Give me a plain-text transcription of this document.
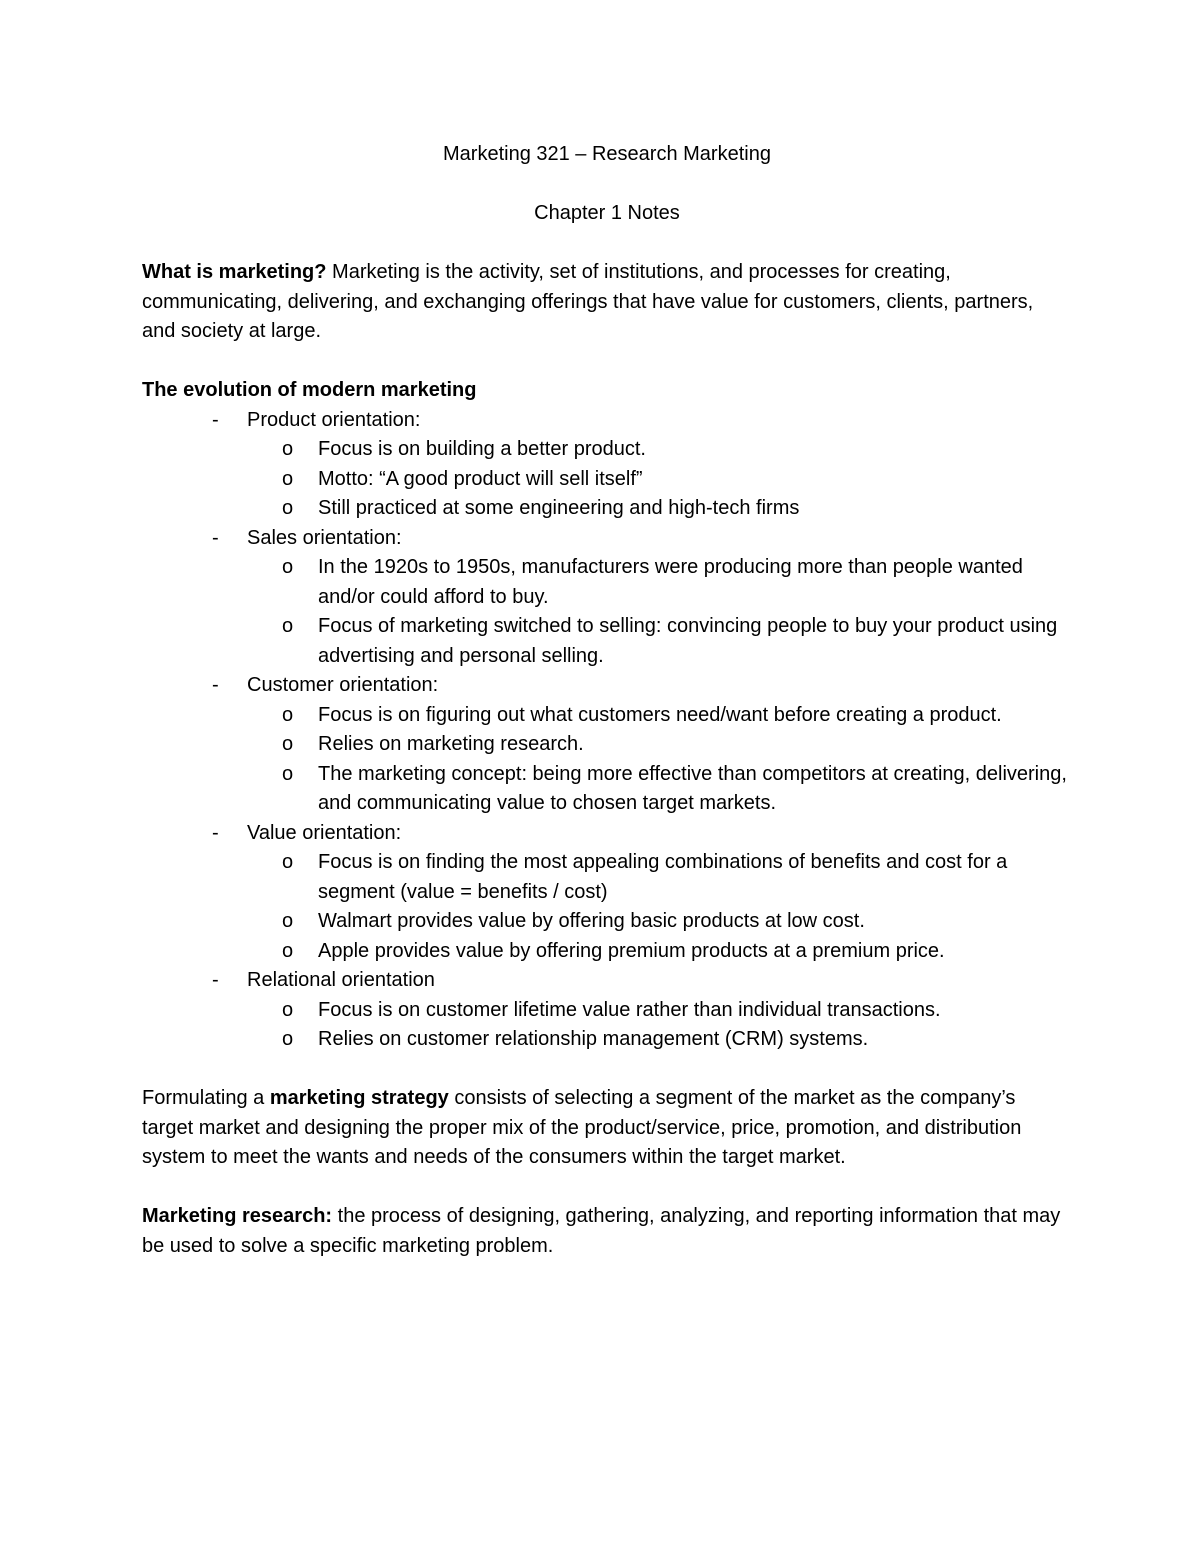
Marketing 321 – Research Marketing

Chapter 1 Notes

What is marketing? Marketing is the activity, set of institutions, and processes for creating, communicating, delivering, and exchanging offerings that have value for customers, clients, partners, and society at large.

The evolution of modern marketing

- Product orientation:

o Focus is on building a better product.

o Motto: “A good product will sell itself”

o Still practiced at some engineering and high-tech firms

- Sales orientation:

o In the 1920s to 1950s, manufacturers were producing more than people wanted and/or could afford to buy.

o Focus of marketing switched to selling: convincing people to buy your product using advertising and personal selling.

- Customer orientation:

o Focus is on figuring out what customers need/want before creating a product.

o Relies on marketing research.

o The marketing concept: being more effective than competitors at creating, delivering, and communicating value to chosen target markets.

- Value orientation:

o Focus is on finding the most appealing combinations of benefits and cost for a segment (value = benefits / cost)

o Walmart provides value by offering basic products at low cost.

o Apple provides value by offering premium products at a premium price.

- Relational orientation

o Focus is on customer lifetime value rather than individual transactions.

o Relies on customer relationship management (CRM) systems.

Formulating a marketing strategy consists of selecting a segment of the market as the company’s target market and designing the proper mix of the product/service, price, promotion, and distribution system to meet the wants and needs of the consumers within the target market.

Marketing research: the process of designing, gathering, analyzing, and reporting information that may be used to solve a specific marketing problem.
